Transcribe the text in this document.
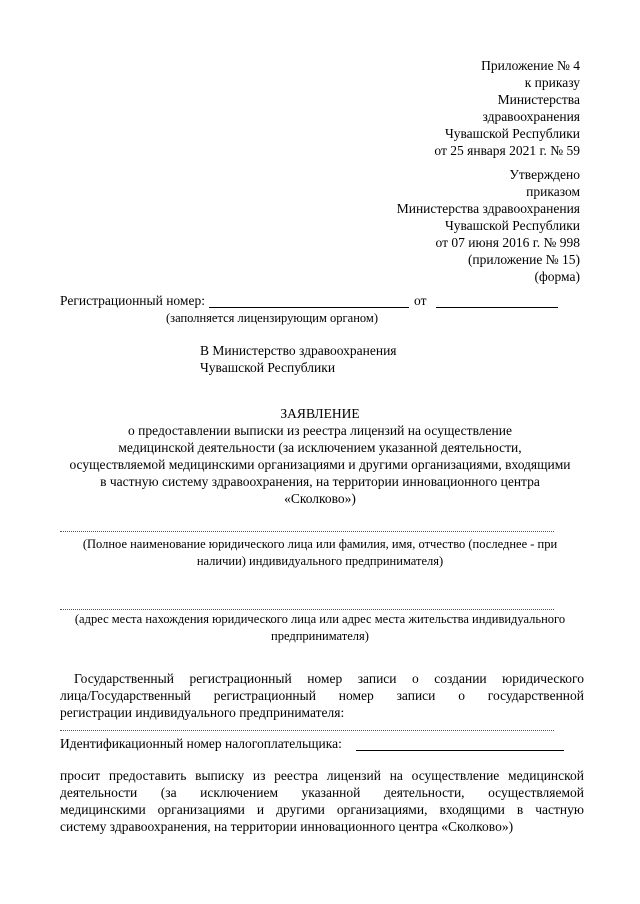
Приложение № 4
к приказу
Министерства
здравоохранения
Чувашской Республики
от 25 января 2021 г. № 59
Утверждено
приказом
Министерства здравоохранения
Чувашской Республики
от 07 июня 2016 г. № 998
(приложение № 15)
(форма)
Регистрационный номер:	от
(заполняется лицензирующим органом)
В Министерство здравоохранения
Чувашской Республики
ЗАЯВЛЕНИЕ
о предоставлении выписки из реестра лицензий на осуществление
медицинской деятельности (за исключением указанной деятельности,
осуществляемой медицинскими организациями и другими организациями, входящими
в частную систему здравоохранения, на территории инновационного центра
«Сколково»)
(Полное наименование юридического лица или фамилия, имя, отчество (последнее - при
наличии) индивидуального предпринимателя)
(адрес места нахождения юридического лица или адрес места жительства индивидуального
предпринимателя)
Государственный регистрационный номер записи о создании юридического
лица/Государственный регистрационный номер записи о государственной
регистрации индивидуального предпринимателя:
Идентификационный номер налогоплательщика:
просит предоставить выписку из реестра лицензий на осуществление медицинской
деятельности (за исключением указанной деятельности, осуществляемой
медицинскими организациями и другими организациями, входящими в частную
систему здравоохранения, на территории инновационного центра «Сколково»)
